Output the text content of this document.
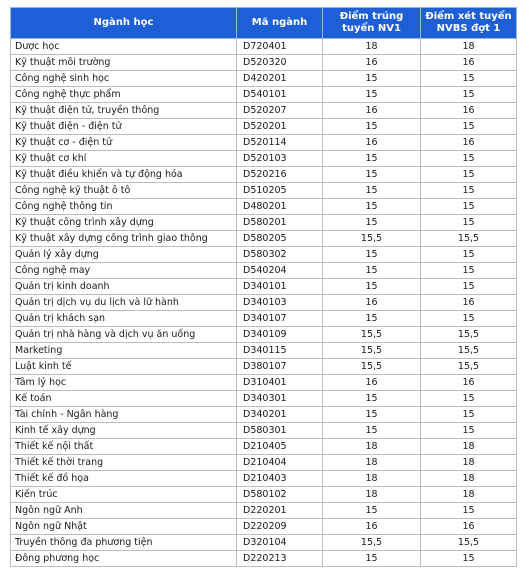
Ngành học	Mã ngành	Điểm trúng tuyển NV1	Điểm xét tuyển NVBS đợt 1
Dược học	D720401	18	18
Kỹ thuật môi trường	D520320	16	16
Công nghệ sinh học	D420201	15	15
Công nghệ thực phẩm	D540101	15	15
Kỹ thuật điện tử, truyền thông	D520207	16	16
Kỹ thuật điện - điện tử	D520201	15	15
Kỹ thuật cơ - điện tử	D520114	16	16
Kỹ thuật cơ khí	D520103	15	15
Kỹ thuật điều khiển và tự động hóa	D520216	15	15
Công nghệ kỹ thuật ô tô	D510205	15	15
Công nghệ thông tin	D480201	15	15
Kỹ thuật công trình xây dựng	D580201	15	15
Kỹ thuật xây dựng công trình giao thông	D580205	15,5	15,5
Quản lý xây dựng	D580302	15	15
Công nghệ may	D540204	15	15
Quản trị kinh doanh	D340101	15	15
Quản trị dịch vụ du lịch và lữ hành	D340103	16	16
Quản trị khách sạn	D340107	15	15
Quản trị nhà hàng và dịch vụ ăn uống	D340109	15,5	15,5
Marketing	D340115	15,5	15,5
Luật kinh tế	D380107	15,5	15,5
Tâm lý học	D310401	16	16
Kế toán	D340301	15	15
Tài chính - Ngân hàng	D340201	15	15
Kinh tế xây dựng	D580301	15	15
Thiết kế nội thất	D210405	18	18
Thiết kế thời trang	D210404	18	18
Thiết kế đồ họa	D210403	18	18
Kiến trúc	D580102	18	18
Ngôn ngữ Anh	D220201	15	15
Ngôn ngữ Nhật	D220209	16	16
Truyền thông đa phương tiện	D320104	15,5	15,5
Đông phương học	D220213	15	15
